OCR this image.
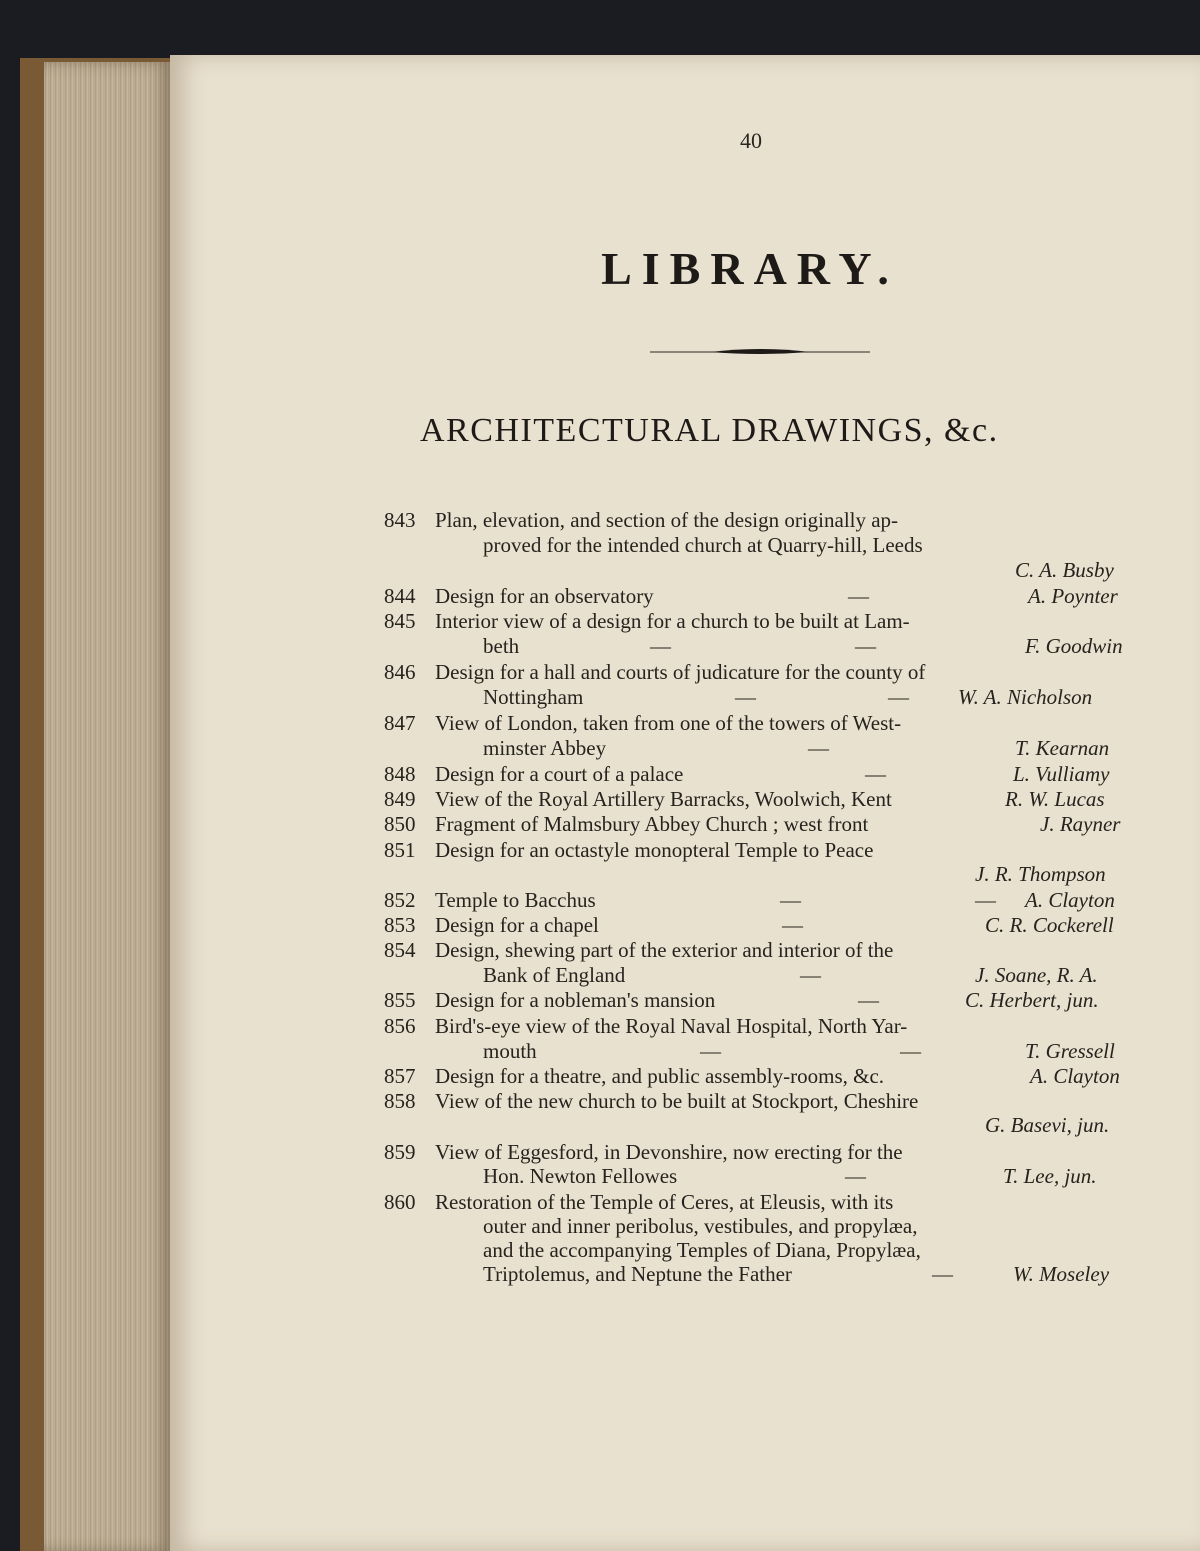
40
LIBRARY.
ARCHITECTURAL DRAWINGS, &c.
843 Plan, elevation, and section of the design originally ap-
proved for the intended church at Quarry-hill, Leeds
C. A. Busby
844 Design for an observatory	—	A. Poynter
845 Interior view of a design for a church to be built at Lam-
beth	—	—	F. Goodwin
846 Design for a hall and courts of judicature for the county of
Nottingham	—	— W. A. Nicholson
847 View of London, taken from one of the towers of West-
minster Abbey	—	T. Kearnan
848 Design for a court of a palace	—	L. Vulliamy
849 View of the Royal Artillery Barracks, Woolwich, Kent	R. W. Lucas
850 Fragment of Malmsbury Abbey Church ; west front	J. Rayner
851 Design for an octastyle monopteral Temple to Peace
J. R. Thompson
852 Temple to Bacchus	—	— A. Clayton
853 Design for a chapel	—	C. R. Cockerell
854 Design, shewing part of the exterior and interior of the
Bank of England	—	J. Soane, R. A.
855 Design for a nobleman's mansion	—	C. Herbert, jun.
856 Bird's-eye view of the Royal Naval Hospital, North Yar-
mouth	—	—	T. Gressell
857 Design for a theatre, and public assembly-rooms, &c.	A. Clayton
858 View of the new church to be built at Stockport, Cheshire
G. Basevi, jun.
859 View of Eggesford, in Devonshire, now erecting for the
Hon. Newton Fellowes	—	T. Lee, jun.
860 Restoration of the Temple of Ceres, at Eleusis, with its
outer and inner peribolus, vestibules, and propylæa,
and the accompanying Temples of Diana, Propylæa,
Triptolemus, and Neptune the Father	—	W. Moseley
